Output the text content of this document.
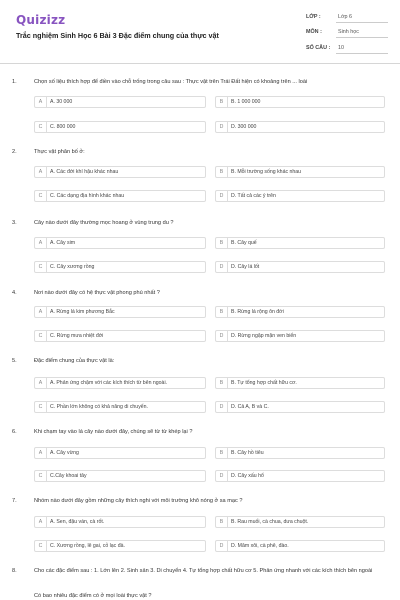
Quizizz
Trắc nghiệm Sinh Học 6 Bài 3 Đặc điểm chung của thực vật
LỚP :	Lớp 6
MÔN :	Sinh học
SỐ CÂU : 10
1.	Chọn số liệu thích hợp để điền vào chỗ trống trong câu sau : Thực vật trên Trái Đất hiện có khoảng trên ... loài
A	A. 30 000	B	B. 1 000 000
C	C. 800 000	D	D. 300 000
2.	Thực vật phân bố ở:
A	A. Các đới khí hậu khác nhau	B	B. Mỗi trường sống khác nhau
C	C. Các dạng địa hình khác nhau	D	D. Tất cả các ý trên
3.	Cây nào dưới đây thường mọc hoang ở vùng trung du ?
A	A. Cây sim	B	B. Cây quế
C	C. Cây xương rồng	D	D. Cây lá lốt
4.	Nơi nào dưới đây có hệ thực vật phong phú nhất ?
A	A. Rừng lá kim phương Bắc	B	B. Rừng lá rộng ôn đới
C	C. Rừng mưa nhiệt đới	D	D. Rừng ngập mặn ven biển
5.	Đặc điểm chung của thực vật là:
A	A. Phản ứng chậm với các kích thích từ bên ngoài.	B	B. Tự tổng hợp chất hữu cơ.
C	C. Phần lớn không có khả năng di chuyển.	D	D. Cả A, B và C.
6.	Khi chạm tay vào lá cây nào dưới đây, chúng sẽ từ từ khép lại ?
A	A. Cây vừng	B	B. Cây hồ tiêu
C	C.Cây khoai tây	D	D. Cây xấu hổ
7.	Nhóm nào dưới đây gồm những cây thích nghi với môi trường khô nóng ở sa mạc ?
A	A. Sen, đậu ván, cà rốt.	B	B. Rau muối, cà chua, dưa chuột.
C	C. Xương rồng, lê gai, cỏ lạc đà.	D	D. Mâm xôi, cà phê, đào.
8.	Cho các đặc điểm sau : 1. Lớn lên 2. Sinh sản 3. Di chuyển 4. Tự tổng hợp chất hữu cơ 5. Phản ứng nhanh với các kích thích bên ngoài
Có bao nhiêu đặc điểm có ở mọi loài thực vật ?
